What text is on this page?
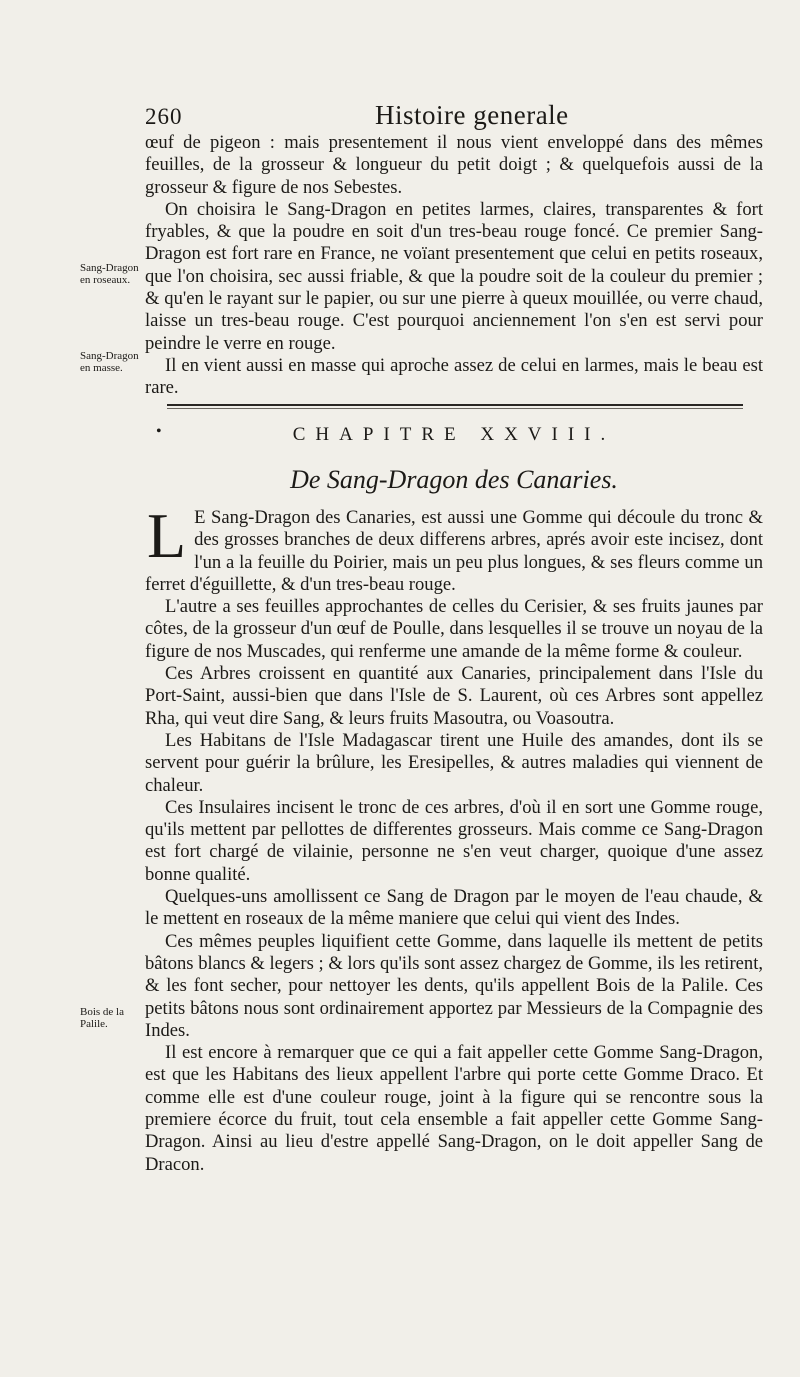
260	Histoire generale

œuf de pigeon : mais presentement il nous vient enveloppé dans des mêmes feuilles, de la grosseur & longueur du petit doigt ; & quelquefois aussi de la grosseur & figure de nos Sebestes.

On choisira le Sang-Dragon en petites larmes, claires, transparentes & fort fryables, & que la poudre en soit d'un tres-beau rouge foncé. Ce premier Sang-Dragon est fort rare en France, ne voïant presentement que celui en petits roseaux, que l'on choisira, sec aussi friable, & que la poudre soit de la couleur du premier ; & qu'en le rayant sur le papier, ou sur une pierre à queux mouillée, ou verre chaud, laisse un tres-beau rouge. C'est pourquoi anciennement l'on s'en est servi pour peindre le verre en rouge.

Il en vient aussi en masse qui aproche assez de celui en larmes, mais le beau est rare.

Sang-Dragon en roseaux.
Sang-Dragon en masse.
Bois de la Palile.
•	CHAPITRE XXVIII.
De Sang-Dragon des Canaries.

L E Sang-Dragon des Canaries, est aussi une Gomme qui découle du tronc & des grosses branches de deux differens arbres, aprés avoir este incisez, dont l'un a la feuille du Poirier, mais un peu plus longues, & ses fleurs comme un ferret d'éguillette, & d'un tres-beau rouge.

L'autre a ses feuilles approchantes de celles du Cerisier, & ses fruits jaunes par côtes, de la grosseur d'un œuf de Poulle, dans lesquelles il se trouve un noyau de la figure de nos Muscades, qui renferme une amande de la même forme & couleur.

Ces Arbres croissent en quantité aux Canaries, principalement dans l'Isle du Port-Saint, aussi-bien que dans l'Isle de S. Laurent, où ces Arbres sont appellez Rha, qui veut dire Sang, & leurs fruits Masoutra, ou Voasoutra.

Les Habitans de l'Isle Madagascar tirent une Huile des amandes, dont ils se servent pour guérir la brûlure, les Eresipelles, & autres maladies qui viennent de chaleur.

Ces Insulaires incisent le tronc de ces arbres, d'où il en sort une Gomme rouge, qu'ils mettent par pellottes de differentes grosseurs. Mais comme ce Sang-Dragon est fort chargé de vilainie, personne ne s'en veut charger, quoique d'une assez bonne qualité.

Quelques-uns amollissent ce Sang de Dragon par le moyen de l'eau chaude, & le mettent en roseaux de la même maniere que celui qui vient des Indes.

Ces mêmes peuples liquifient cette Gomme, dans laquelle ils mettent de petits bâtons blancs & legers ; & lors qu'ils sont assez chargez de Gomme, ils les retirent, & les font secher, pour nettoyer les dents, qu'ils appellent Bois de la Palile. Ces petits bâtons nous sont ordinairement apportez par Messieurs de la Compagnie des Indes.

Il est encore à remarquer que ce qui a fait appeller cette Gomme Sang-Dragon, est que les Habitans des lieux appellent l'arbre qui porte cette Gomme Draco. Et comme elle est d'une couleur rouge, joint à la figure qui se rencontre sous la premiere écorce du fruit, tout cela ensemble a fait appeller cette Gomme Sang-Dragon. Ainsi au lieu d'estre appellé Sang-Dragon, on le doit appeller Sang de Dracon.
